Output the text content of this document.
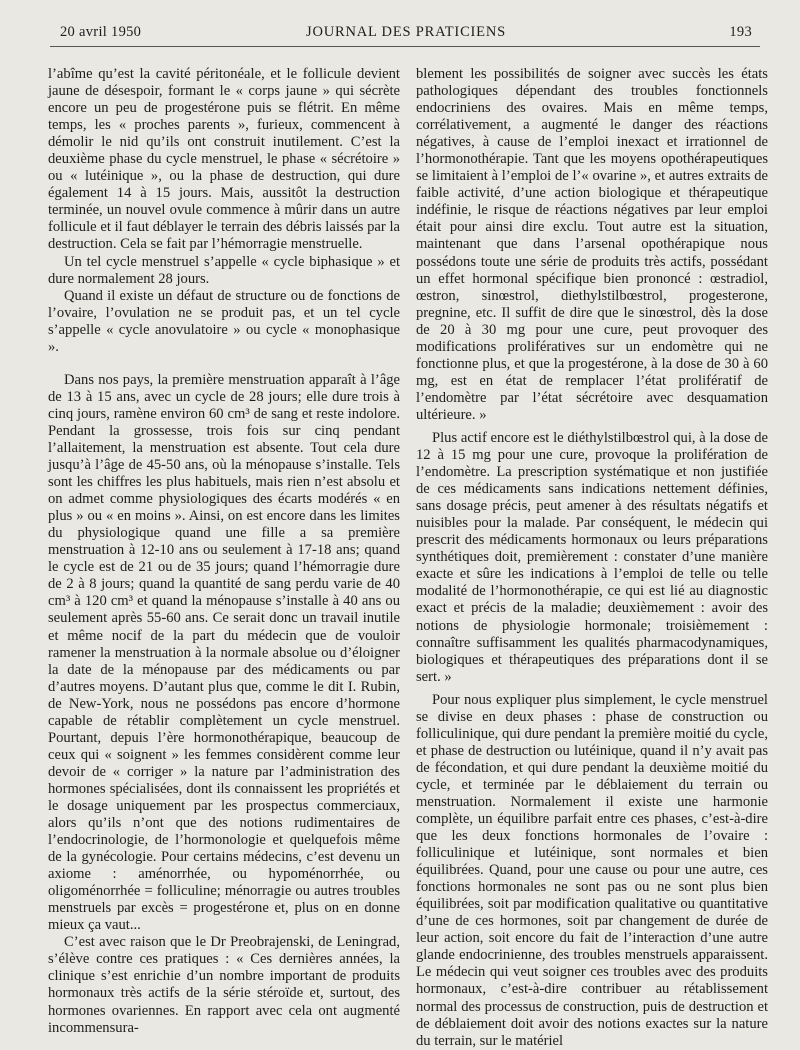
20 avril 1950	JOURNAL DES PRATICIENS	193

l’abîme qu’est la cavité péritonéale, et le follicule devient jaune de désespoir, formant le « corps jaune » qui sécrète encore un peu de progestérone puis se flétrit. En même temps, les « proches parents », furieux, commencent à démolir le nid qu’ils ont construit inutilement. C’est la deuxième phase du cycle menstruel, le phase « sécrétoire » ou « lutéinique », ou la phase de destruction, qui dure également 14 à 15 jours. Mais, aussitôt la destruction terminée, un nouvel ovule commence à mûrir dans un autre follicule et il faut déblayer le terrain des débris laissés par la destruction. Cela se fait par l’hémorragie menstruelle.

Un tel cycle menstruel s’appelle « cycle biphasique » et dure normalement 28 jours.

Quand il existe un défaut de structure ou de fonctions de l’ovaire, l’ovulation ne se produit pas, et un tel cycle s’appelle « cycle anovulatoire » ou cycle « monophasique ».

Dans nos pays, la première menstruation apparaît à l’âge de 13 à 15 ans, avec un cycle de 28 jours; elle dure trois à cinq jours, ramène environ 60 cm³ de sang et reste indolore. Pendant la grossesse, trois fois sur cinq pendant l’allaitement, la menstruation est absente. Tout cela dure jusqu’à l’âge de 45-50 ans, où la ménopause s’installe. Tels sont les chiffres les plus habituels, mais rien n’est absolu et on admet comme physiologiques des écarts modérés « en plus » ou « en moins ». Ainsi, on est encore dans les limites du physiologique quand une fille a sa première menstruation à 12-10 ans ou seulement à 17-18 ans; quand le cycle est de 21 ou de 35 jours; quand l’hémorragie dure de 2 à 8 jours; quand la quantité de sang perdu varie de 40 cm³ à 120 cm³ et quand la ménopause s’installe à 40 ans ou seulement après 55-60 ans. Ce serait donc un travail inutile et même nocif de la part du médecin que de vouloir ramener la menstruation à la normale absolue ou d’éloigner la date de la ménopause par des médicaments ou par d’autres moyens. D’autant plus que, comme le dit I. Rubin, de New-York, nous ne possédons pas encore d’hormone capable de rétablir complètement un cycle menstruel. Pourtant, depuis l’ère hormonothérapique, beaucoup de ceux qui « soignent » les femmes considèrent comme leur devoir de « corriger » la nature par l’administration des hormones spécialisées, dont ils connaissent les propriétés et le dosage uniquement par les prospectus commerciaux, alors qu’ils n’ont que des notions rudimentaires de l’endocrinologie, de l’hormonologie et quelquefois même de la gynécologie. Pour certains médecins, c’est devenu un axiome : aménorrhée, ou hypoménorrhée, ou oligoménorrhée = folliculine; ménorragie ou autres troubles menstruels par excès = progestérone et, plus on en donne mieux ça vaut...

C’est avec raison que le Dr Preobrajenski, de Leningrad, s’élève contre ces pratiques : « Ces dernières années, la clinique s’est enrichie d’un nombre important de produits hormonaux très actifs de la série stéroïde et, surtout, des hormones ovariennes. En rapport avec cela ont augmenté incommensura-

blement les possibilités de soigner avec succès les états pathologiques dépendant des troubles fonctionnels endocriniens des ovaires. Mais en même temps, corrélativement, a augmenté le danger des réactions négatives, à cause de l’emploi inexact et irrationnel de l’hormonothérapie. Tant que les moyens opothérapeutiques se limitaient à l’emploi de l’« ovarine », et autres extraits de faible activité, d’une action biologique et thérapeutique indéfinie, le risque de réactions négatives par leur emploi était pour ainsi dire exclu. Tout autre est la situation, maintenant que dans l’arsenal opothérapique nous possédons toute une série de produits très actifs, possédant un effet hormonal spécifique bien prononcé : œstradiol, œstron, sinœstrol, diethylstilbœstrol, progesterone, pregnine, etc. Il suffit de dire que le sinœstrol, dès la dose de 20 à 30 mg pour une cure, peut provoquer des modifications prolifératives sur un endomètre qui ne fonctionne plus, et que la progestérone, à la dose de 30 à 60 mg, est en état de remplacer l’état prolifératif de l’endomètre par l’état sécrétoire avec desquamation ultérieure. »

Plus actif encore est le diéthylstilbœstrol qui, à la dose de 12 à 15 mg pour une cure, provoque la prolifération de l’endomètre. La prescription systématique et non justifiée de ces médicaments sans indications nettement définies, sans dosage précis, peut amener à des résultats négatifs et nuisibles pour la malade. Par conséquent, le médecin qui prescrit des médicaments hormonaux ou leurs préparations synthétiques doit, premièrement : constater d’une manière exacte et sûre les indications à l’emploi de telle ou telle modalité de l’hormonothérapie, ce qui est lié au diagnostic exact et précis de la maladie; deuxièmement : avoir des notions de physiologie hormonale; troisièmement : connaître suffisamment les qualités pharmacodynamiques, biologiques et thérapeutiques des préparations dont il se sert. »

Pour nous expliquer plus simplement, le cycle menstruel se divise en deux phases : phase de construction ou folliculinique, qui dure pendant la première moitié du cycle, et phase de destruction ou lutéinique, quand il n’y avait pas de fécondation, et qui dure pendant la deuxième moitié du cycle, et terminée par le déblaiement du terrain ou menstruation. Normalement il existe une harmonie complète, un équilibre parfait entre ces phases, c’est-à-dire que les deux fonctions hormonales de l’ovaire : folliculinique et lutéinique, sont normales et bien équilibrées. Quand, pour une cause ou pour une autre, ces fonctions hormonales ne sont pas ou ne sont plus bien équilibrées, soit par modification qualitative ou quantitative d’une de ces hormones, soit par changement de durée de leur action, soit encore du fait de l’interaction d’une autre glande endocrinienne, des troubles menstruels apparaissent. Le médecin qui veut soigner ces troubles avec des produits hormonaux, c’est-à-dire contribuer au rétablissement normal des processus de construction, puis de destruction et de déblaiement doit avoir des notions exactes sur la nature du terrain, sur le matériel
